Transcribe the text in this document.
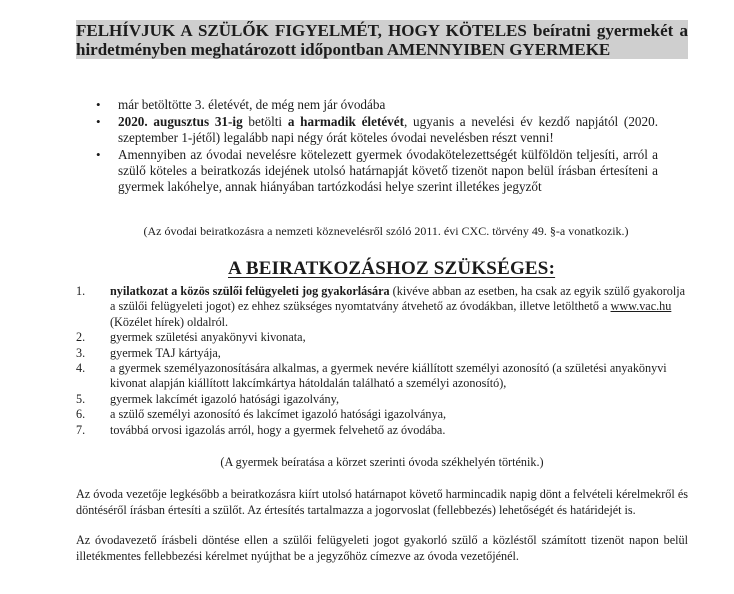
FELHÍVJUK A SZÜLŐK FIGYELMÉT, HOGY KÖTELES beíratni gyermekét a hirdetményben meghatározott időpontban AMENNYIBEN GYERMEKE
• már betöltötte 3. életévét, de még nem jár óvodába
• 2020. augusztus 31-ig betölti a harmadik életévét, ugyanis a nevelési év kezdő napjától (2020. szeptember 1-jétől) legalább napi négy órát köteles óvodai nevelésben részt venni!
• Amennyiben az óvodai nevelésre kötelezett gyermek óvodakötelezettségét külföldön teljesíti, arról a szülő köteles a beiratkozás idejének utolsó határnapját követő tizenöt napon belül írásban értesíteni a gyermek lakóhelye, annak hiányában tartózkodási helye szerint illetékes jegyzőt
(Az óvodai beiratkozásra a nemzeti köznevelésről szóló 2011. évi CXC. törvény 49. §-a vonatkozik.)
A BEIRATKOZÁSHOZ SZÜKSÉGES:
1. nyilatkozat a közös szülői felügyeleti jog gyakorlására (kivéve abban az esetben, ha csak az egyik szülő gyakorolja a szülői felügyeleti jogot) ez ehhez szükséges nyomtatvány átvehető az óvodákban, illetve letölthető a www.vac.hu (Közélet hírek) oldalról.
2. gyermek születési anyakönyvi kivonata,
3. gyermek TAJ kártyája,
4. a gyermek személyazonosítására alkalmas, a gyermek nevére kiállított személyi azonosító (a születési anyakönyvi kivonat alapján kiállított lakcímkártya hátoldalán található a személyi azonosító),
5. gyermek lakcímét igazoló hatósági igazolvány,
6. a szülő személyi azonosító és lakcímet igazoló hatósági igazolványa,
7. továbbá orvosi igazolás arról, hogy a gyermek felvehető az óvodába.
(A gyermek beíratása a körzet szerinti óvoda székhelyén történik.)
Az óvoda vezetője legkésőbb a beiratkozásra kiírt utolsó határnapot követő harmincadik napig dönt a felvételi kérelmekről és döntéséről írásban értesíti a szülőt. Az értesítés tartalmazza a jogorvoslat (fellebbezés) lehetőségét és határidejét is.
Az óvodavezető írásbeli döntése ellen a szülői felügyeleti jogot gyakorló szülő a közléstől számított tizenöt napon belül illetékmentes fellebbezési kérelmet nyújthat be a jegyzőhöz címezve az óvoda vezetőjénél.
